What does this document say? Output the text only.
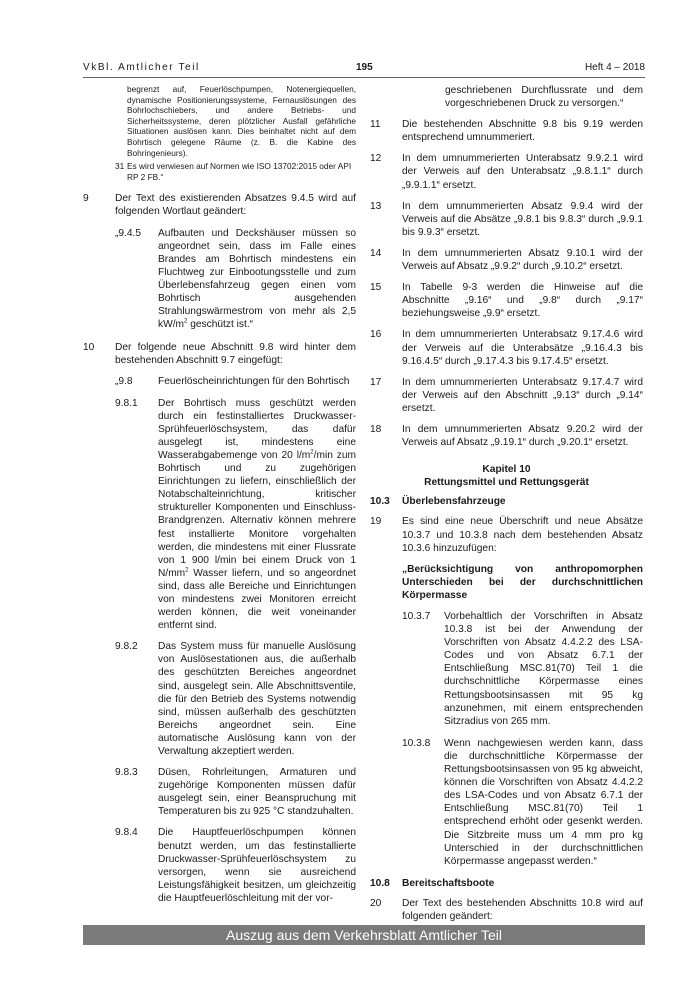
VkBl. Amtlicher Teil	195	Heft 4 – 2018
begrenzt auf, Feuerlöschpumpen, Notenergiequellen, dynamische Positionierungssysteme, Fernauslösungen des Bohrlochschiebers, und andere Betriebs- und Sicherheitssysteme, deren plötzlicher Ausfall gefährliche Situationen auslösen kann. Dies beinhaltet nicht auf dem Bohrtisch gelegene Räume (z. B. die Kabine des Bohringenieurs).
31 Es wird verwiesen auf Normen wie ISO 13702:2015 oder API RP 2 FB.“
9	Der Text des existierenden Absatzes 9.4.5 wird auf folgenden Wortlaut geändert:
„9.4.5	Aufbauten und Deckshäuser müssen so angeordnet sein, dass im Falle eines Brandes am Bohrtisch mindestens ein Fluchtweg zur Einbootungsstelle und zum Überlebensfahrzeug gegen einen vom Bohrtisch ausgehenden Strahlungswärmestrom von mehr als 2,5 $kW/m^2$ geschützt ist.“
10	Der folgende neue Abschnitt 9.8 wird hinter dem bestehenden Abschnitt 9.7 eingefügt:
„9.8	Feuerlöscheinrichtungen für den Bohrtisch
9.8.1	Der Bohrtisch muss geschützt werden durch ein festinstalliertes Druckwasser-Sprühfeuerlöschsystem, das dafür ausgelegt ist, mindestens eine Wasserabgabemenge von 20 $l/m^2/\min$ zum Bohrtisch und zu zugehörigen Einrichtungen zu liefern, einschließlich der Notabschalteinrichtung, kritischer struktureller Komponenten und Einschluss-Brandgrenzen. Alternativ können mehrere fest installierte Monitore vorgehalten werden, die mindestens mit einer Flussrate von 1 900 l/min bei einem Druck von 1 $N/mm^2$ Wasser liefern, und so angeordnet sind, dass alle Bereiche und Einrichtungen von mindestens zwei Monitoren erreicht werden können, die weit voneinander entfernt sind.
9.8.2	Das System muss für manuelle Auslösung von Auslösestationen aus, die außerhalb des geschützten Bereiches angeordnet sind, ausgelegt sein. Alle Abschnittsventile, die für den Betrieb des Systems notwendig sind, müssen außerhalb des geschützten Bereichs angeordnet sein. Eine automatische Auslösung kann von der Verwaltung akzeptiert werden.
9.8.3	Düsen, Rohrleitungen, Armaturen und zugehörige Komponenten müssen dafür ausgelegt sein, einer Beanspruchung mit Temperaturen bis zu 925 °C standzuhalten.
9.8.4	Die Hauptfeuerlöschpumpen können benutzt werden, um das festinstallierte Druckwasser-Sprühfeuerlöschsystem zu versorgen, wenn sie ausreichend Leistungsfähigkeit besitzen, um gleichzeitig die Hauptfeuerlöschleitung mit der vor-
geschriebenen Durchflussrate und dem vorgeschriebenen Druck zu versorgen.“
11	Die bestehenden Abschnitte 9.8 bis 9.19 werden entsprechend umnummeriert.
12	In dem umnummerierten Unterabsatz 9.9.2.1 wird der Verweis auf den Unterabsatz „9.8.1.1“ durch „9.9.1.1“ ersetzt.
13	In dem umnummerierten Absatz 9.9.4 wird der Verweis auf die Absätze „9.8.1 bis 9.8.3“ durch „9.9.1 bis 9.9.3“ ersetzt.
14	In dem umnummerierten Absatz 9.10.1 wird der Verweis auf Absatz „9.9.2“ durch „9.10.2“ ersetzt.
15	In Tabelle 9-3 werden die Hinweise auf die Abschnitte „9.16“ und „9.8“ durch „9.17“ beziehungsweise „9.9“ ersetzt.
16	In dem umnummerierten Unterabsatz 9.17.4.6 wird der Verweis auf die Unterabsätze „9.16.4.3 bis 9.16.4.5“ durch „9.17.4.3 bis 9.17.4.5“ ersetzt.
17	In dem umnummerierten Unterabsatz 9.17.4.7 wird der Verweis auf den Abschnitt „9.13“ durch „9.14“ ersetzt.
18	In dem umnummerierten Absatz 9.20.2 wird der Verweis auf Absatz „9.19.1“ durch „9.20.1“ ersetzt.
Kapitel 10
Rettungsmittel und Rettungsgerät
10.3	Überlebensfahrzeuge
19	Es sind eine neue Überschrift und neue Absätze 10.3.7 und 10.3.8 nach dem bestehenden Absatz 10.3.6 hinzuzufügen:
„Berücksichtigung von anthropomorphen Unterschieden bei der durchschnittlichen Körpermasse
10.3.7	Vorbehaltlich der Vorschriften in Absatz 10.3.8 ist bei der Anwendung der Vorschriften von Absatz 4.4.2.2 des LSA-Codes und von Absatz 6.7.1 der Entschließung MSC.81(70) Teil 1 die durchschnittliche Körpermasse eines Rettungsbootsinsassen mit 95 kg anzunehmen, mit einem entsprechenden Sitzradius von 265 mm.
10.3.8	Wenn nachgewiesen werden kann, dass die durchschnittliche Körpermasse der Rettungsbootsinsassen von 95 kg abweicht, können die Vorschriften von Absatz 4.4.2.2 des LSA-Codes und von Absatz 6.7.1 der Entschließung MSC.81(70) Teil 1 entsprechend erhöht oder gesenkt werden. Die Sitzbreite muss um 4 mm pro kg Unterschied in der durchschnittlichen Körpermasse angepasst werden.“
10.8	Bereitschaftsboote
20	Der Text des bestehenden Abschnitts 10.8 wird auf folgenden geändert:
Auszug aus dem Verkehrsblatt Amtlicher Teil
